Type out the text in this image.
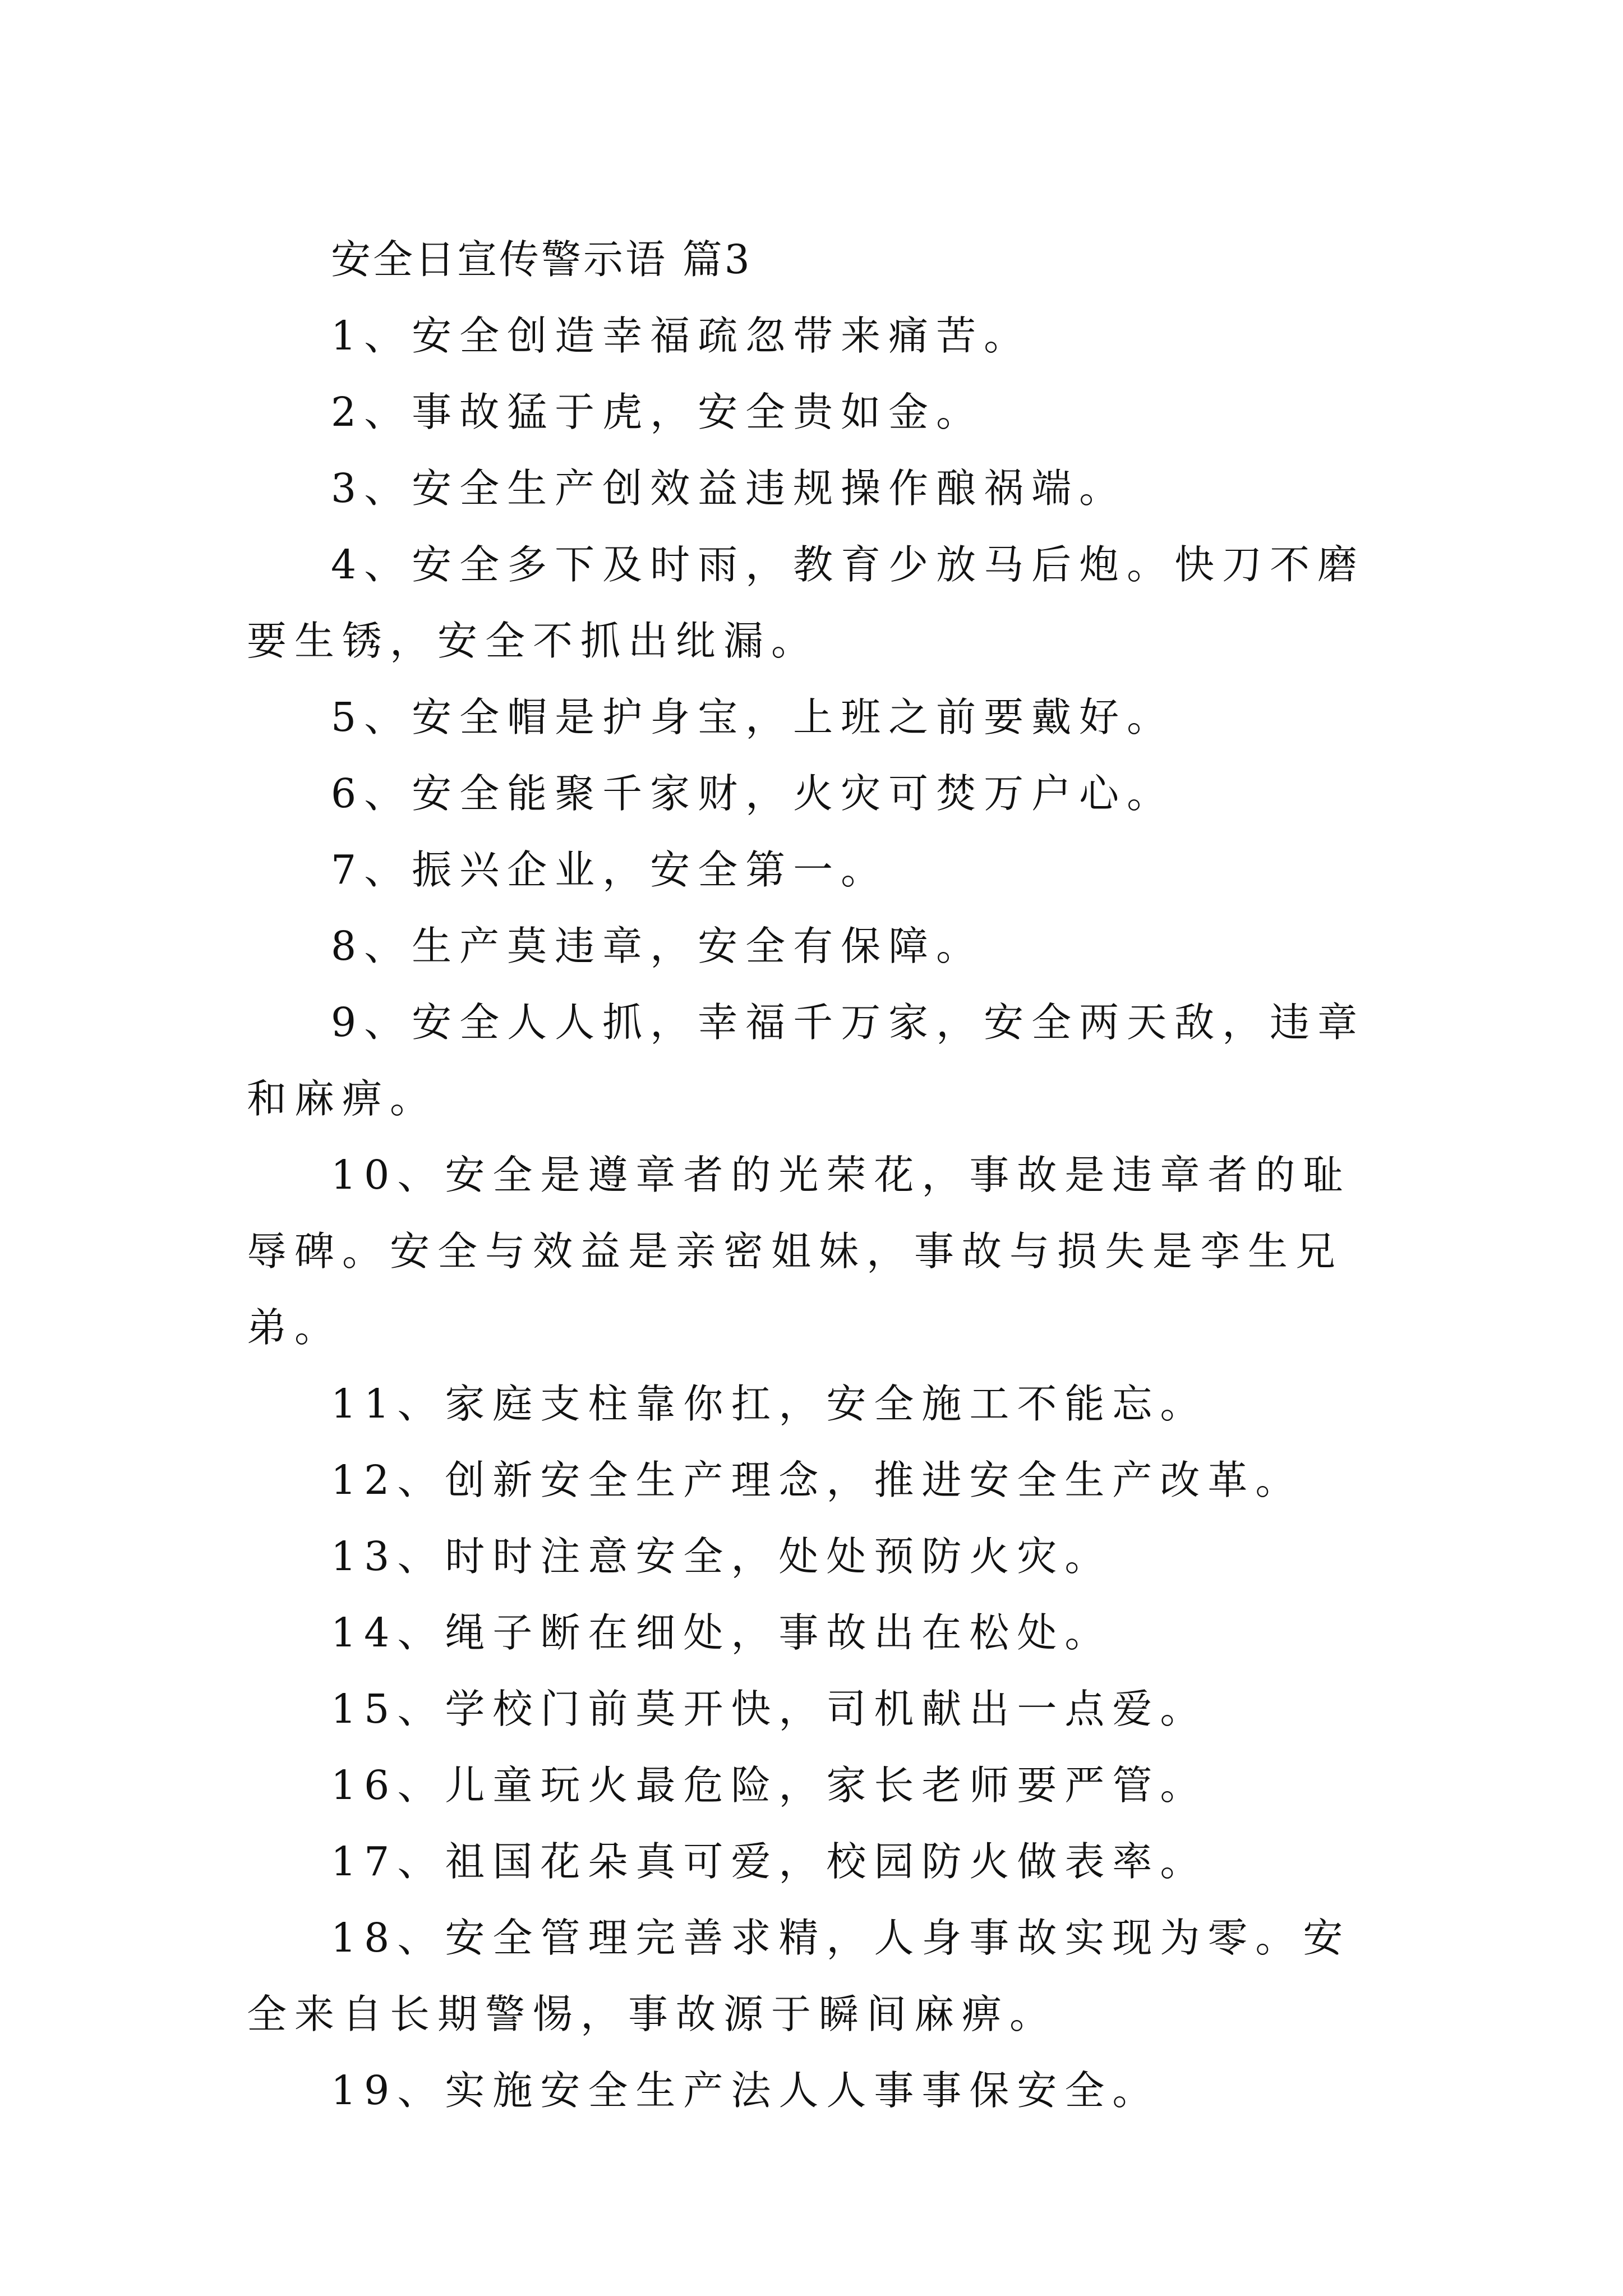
安全日宣传警示语 篇3

1、安全创造幸福疏忽带来痛苦。

2、事故猛于虎，安全贵如金。

3、安全生产创效益违规操作酿祸端。

4、安全多下及时雨，教育少放马后炮。快刀不磨要生锈，安全不抓出纰漏。

5、安全帽是护身宝，上班之前要戴好。

6、安全能聚千家财，火灾可焚万户心。

7、振兴企业，安全第一。

8、生产莫违章，安全有保障。

9、安全人人抓，幸福千万家，安全两天敌，违章和麻痹。

10、安全是遵章者的光荣花，事故是违章者的耻辱碑。安全与效益是亲密姐妹，事故与损失是孪生兄弟。

11、家庭支柱靠你扛，安全施工不能忘。

12、创新安全生产理念，推进安全生产改革。

13、时时注意安全，处处预防火灾。

14、绳子断在细处，事故出在松处。

15、学校门前莫开快，司机献出一点爱。

16、儿童玩火最危险，家长老师要严管。

17、祖国花朵真可爱，校园防火做表率。

18、安全管理完善求精，人身事故实现为零。安全来自长期警惕，事故源于瞬间麻痹。

19、实施安全生产法人人事事保安全。
